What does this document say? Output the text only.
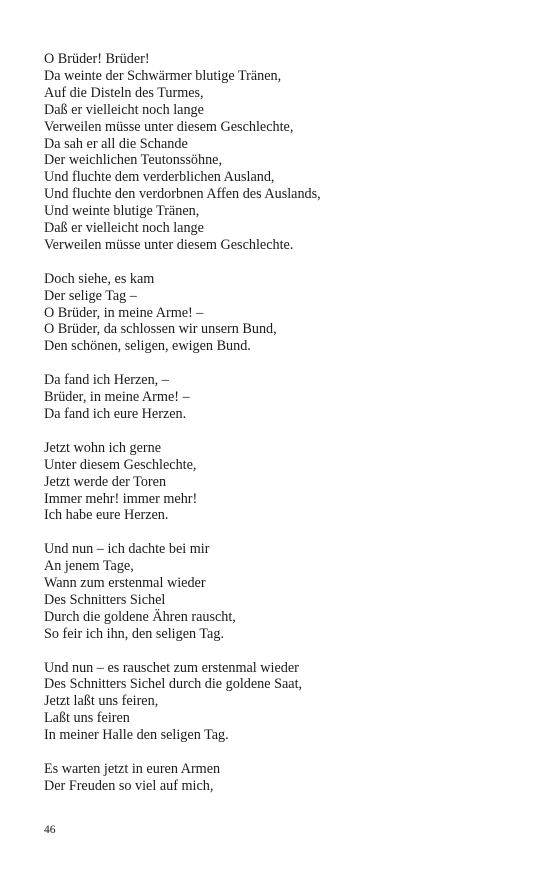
O Brüder! Brüder!
Da weinte der Schwärmer blutige Tränen,
Auf die Disteln des Turmes,
Daß er vielleicht noch lange
Verweilen müsse unter diesem Geschlechte,
Da sah er all die Schande
Der weichlichen Teutonssöhne,
Und fluchte dem verderblichen Ausland,
Und fluchte den verdorbnen Affen des Auslands,
Und weinte blutige Tränen,
Daß er vielleicht noch lange
Verweilen müsse unter diesem Geschlechte.
Doch siehe, es kam
Der selige Tag –
O Brüder, in meine Arme! –
O Brüder, da schlossen wir unsern Bund,
Den schönen, seligen, ewigen Bund.
Da fand ich Herzen, –
Brüder, in meine Arme! –
Da fand ich eure Herzen.
Jetzt wohn ich gerne
Unter diesem Geschlechte,
Jetzt werde der Toren
Immer mehr! immer mehr!
Ich habe eure Herzen.
Und nun – ich dachte bei mir
An jenem Tage,
Wann zum erstenmal wieder
Des Schnitters Sichel
Durch die goldene Ähren rauscht,
So feir ich ihn, den seligen Tag.
Und nun – es rauschet zum erstenmal wieder
Des Schnitters Sichel durch die goldene Saat,
Jetzt laßt uns feiren,
Laßt uns feiren
In meiner Halle den seligen Tag.
Es warten jetzt in euren Armen
Der Freuden so viel auf mich,
46
